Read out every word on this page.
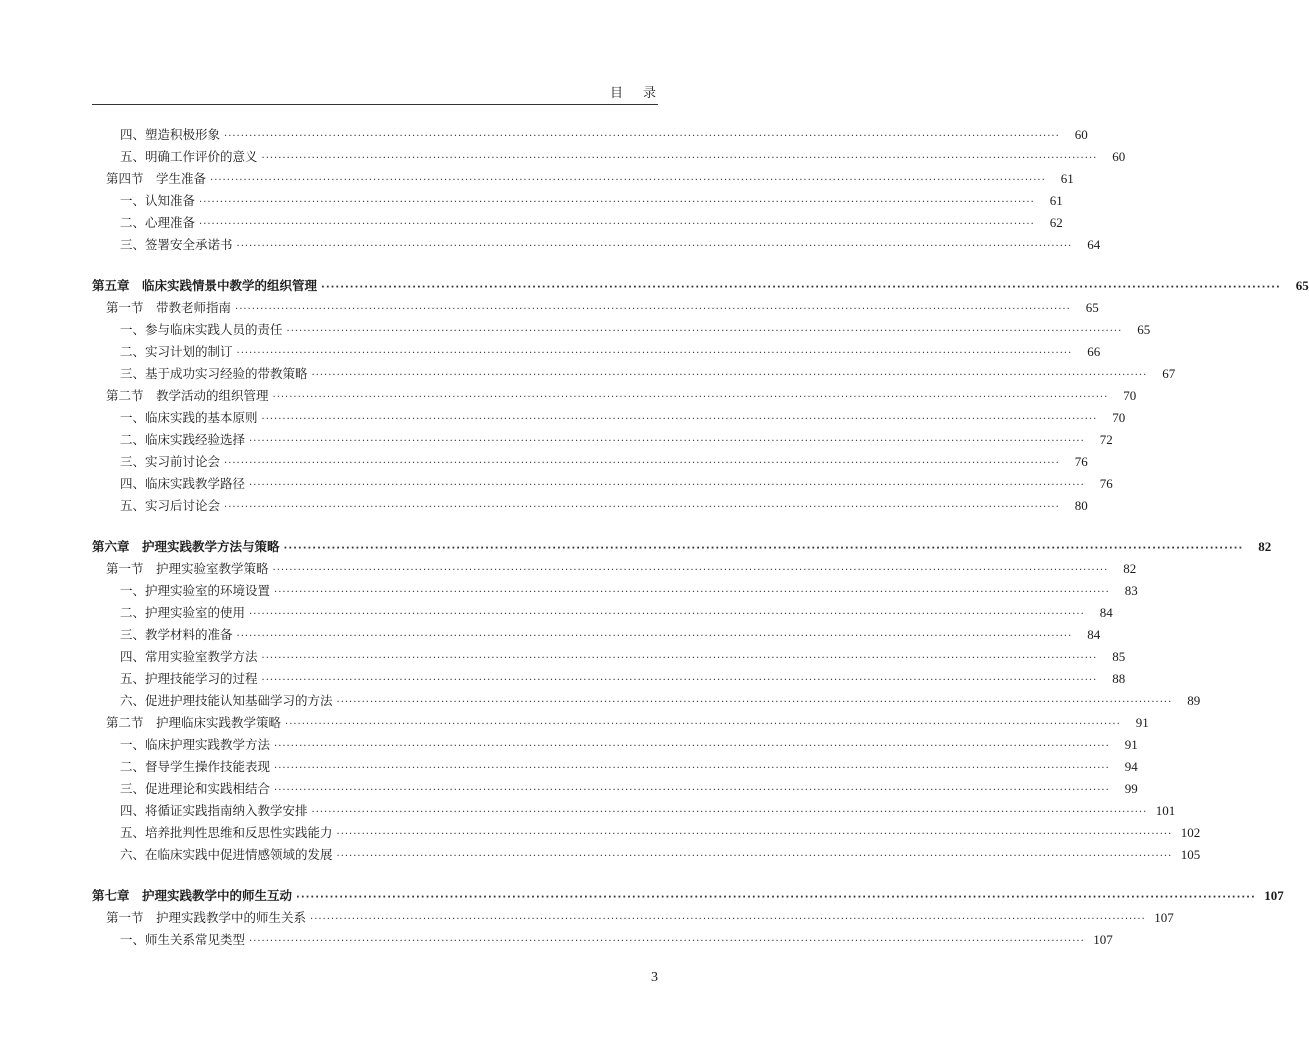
目录
四、塑造积极形象 ········································································································································································································	60
五、明确工作评价的意义 ········································································································································································································	60
第四节　学生准备 ········································································································································································································	61
一、认知准备 ········································································································································································································	61
二、心理准备 ········································································································································································································	62
三、签署安全承诺书 ········································································································································································································	64
第五章　临床实践情景中教学的组织管理 ········································································································································································································	65
第一节　带教老师指南 ········································································································································································································	65
一、参与临床实践人员的责任 ········································································································································································································	65
二、实习计划的制订 ········································································································································································································	66
三、基于成功实习经验的带教策略 ········································································································································································································	67
第二节　教学活动的组织管理 ········································································································································································································	70
一、临床实践的基本原则 ········································································································································································································	70
二、临床实践经验选择 ········································································································································································································	72
三、实习前讨论会 ········································································································································································································	76
四、临床实践教学路径 ········································································································································································································	76
五、实习后讨论会 ········································································································································································································	80
第六章　护理实践教学方法与策略 ········································································································································································································	82
第一节　护理实验室教学策略 ········································································································································································································	82
一、护理实验室的环境设置 ········································································································································································································	83
二、护理实验室的使用 ········································································································································································································	84
三、教学材料的准备 ········································································································································································································	84
四、常用实验室教学方法 ········································································································································································································	85
五、护理技能学习的过程 ········································································································································································································	88
六、促进护理技能认知基础学习的方法 ········································································································································································································	89
第二节　护理临床实践教学策略 ········································································································································································································	91
一、临床护理实践教学方法 ········································································································································································································	91
二、督导学生操作技能表现 ········································································································································································································	94
三、促进理论和实践相结合 ········································································································································································································	99
四、将循证实践指南纳入教学安排 ········································································································································································································ 101
五、培养批判性思维和反思性实践能力 ········································································································································································································ 102
六、在临床实践中促进情感领域的发展 ········································································································································································································ 105
第七章　护理实践教学中的师生互动 ········································································································································································································ 107
第一节　护理实践教学中的师生关系 ········································································································································································································ 107
一、师生关系常见类型 ········································································································································································································ 107
3
